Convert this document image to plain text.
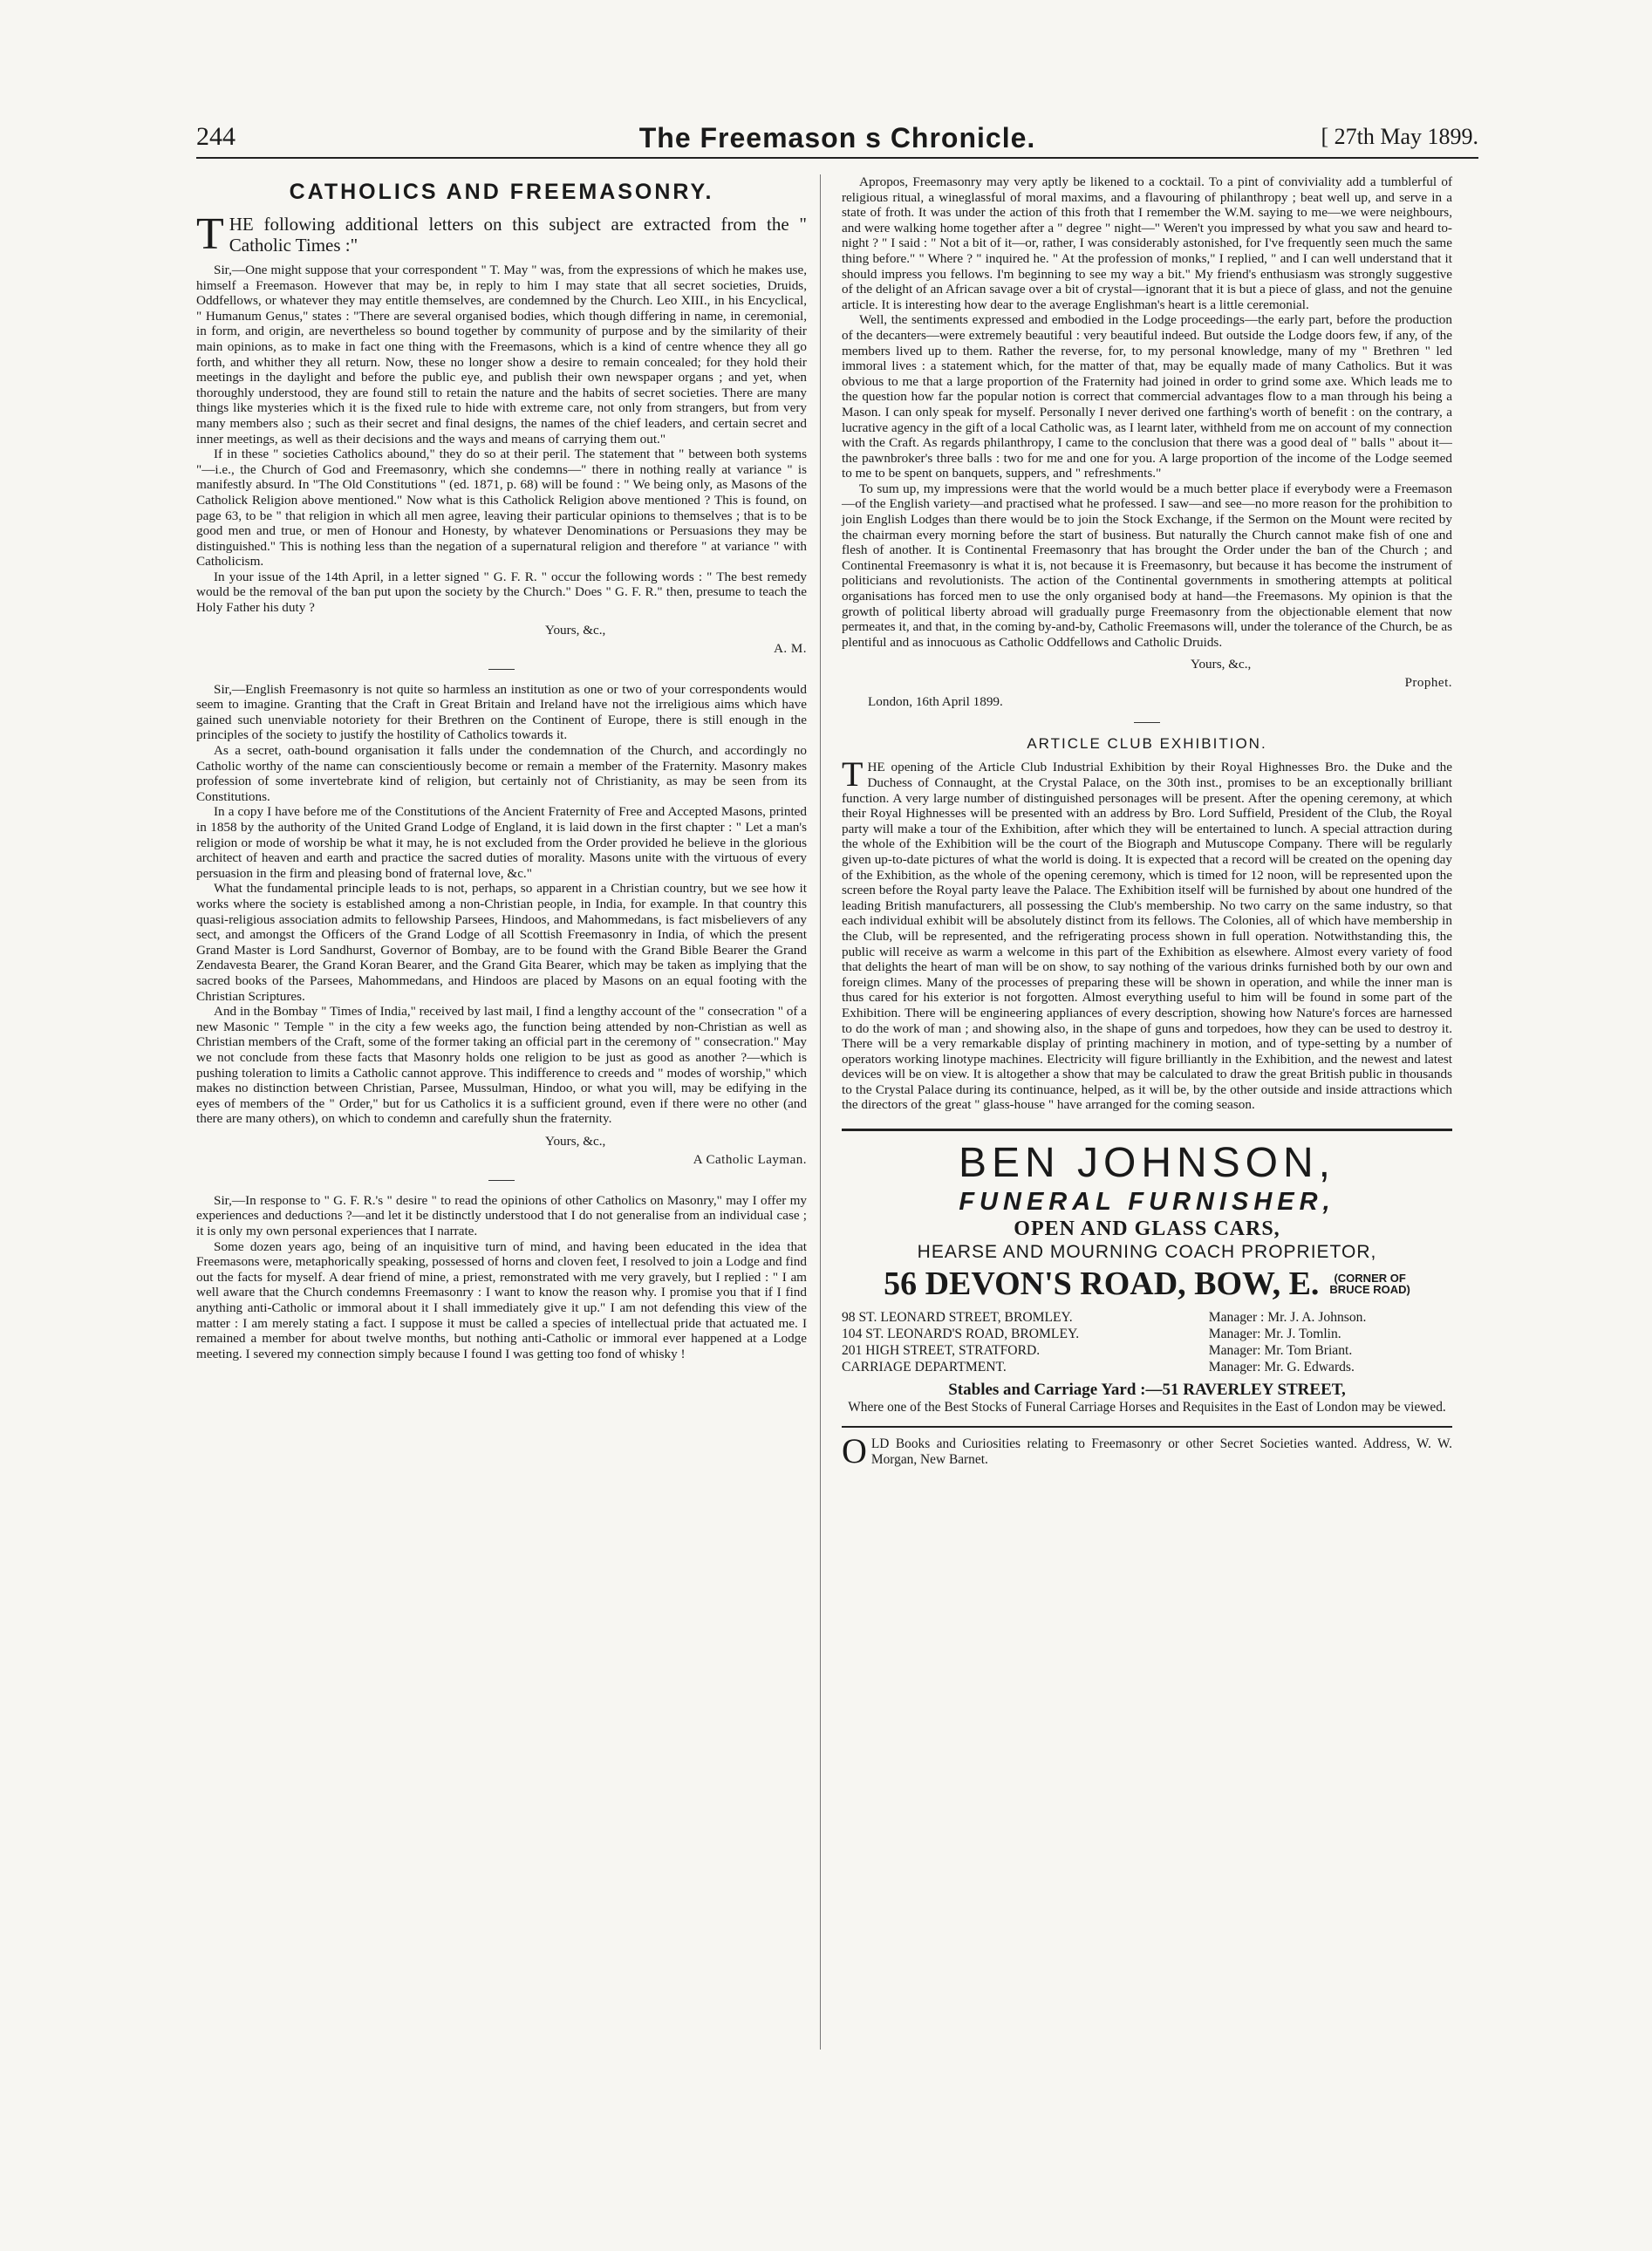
244	The Freemason s Chronicle.	[ 27th May 1899.
CATHOLICS AND FREEMASONRY.

THE following additional letters on this subject are extracted from the " Catholic Times :"

Sir,—One might suppose that your correspondent " T. May " was, from the expressions of which he makes use, himself a Freemason. However that may be, in reply to him I may state that all secret societies, Druids, Oddfellows, or whatever they may entitle themselves, are condemned by the Church. Leo XIII., in his Encyclical, " Humanum Genus," states : "There are several organised bodies, which though differing in name, in ceremonial, in form, and origin, are nevertheless so bound together by community of purpose and by the similarity of their main opinions, as to make in fact one thing with the Freemasons, which is a kind of centre whence they all go forth, and whither they all return. Now, these no longer show a desire to remain concealed; for they hold their meetings in the daylight and before the public eye, and publish their own newspaper organs ; and yet, when thoroughly understood, they are found still to retain the nature and the habits of secret societies. There are many things like mysteries which it is the fixed rule to hide with extreme care, not only from strangers, but from very many members also ; such as their secret and final designs, the names of the chief leaders, and certain secret and inner meetings, as well as their decisions and the ways and means of carrying them out."

If in these " societies Catholics abound," they do so at their peril. The statement that " between both systems "—i.e., the Church of God and Freemasonry, which she condemns—" there in nothing really at variance " is manifestly absurd. In "The Old Constitutions " (ed. 1871, p. 68) will be found : " We being only, as Masons of the Catholick Religion above mentioned." Now what is this Catholick Religion above mentioned ? This is found, on page 63, to be " that religion in which all men agree, leaving their particular opinions to themselves ; that is to be good men and true, or men of Honour and Honesty, by whatever Denominations or Persuasions they may be distinguished." This is nothing less than the negation of a supernatural religion and therefore " at variance " with Catholicism.

In your issue of the 14th April, in a letter signed " G. F. R. " occur the following words : " The best remedy would be the removal of the ban put upon the society by the Church." Does " G. F. R." then, presume to teach the Holy Father his duty ?

Yours, &c.,
A. M.

Sir,—English Freemasonry is not quite so harmless an institution as one or two of your correspondents would seem to imagine. Granting that the Craft in Great Britain and Ireland have not the irreligious aims which have gained such unenviable notoriety for their Brethren on the Continent of Europe, there is still enough in the principles of the society to justify the hostility of Catholics towards it.

As a secret, oath-bound organisation it falls under the condemnation of the Church, and accordingly no Catholic worthy of the name can conscientiously become or remain a member of the Fraternity. Masonry makes profession of some invertebrate kind of religion, but certainly not of Christianity, as may be seen from its Constitutions.

In a copy I have before me of the Constitutions of the Ancient Fraternity of Free and Accepted Masons, printed in 1858 by the authority of the United Grand Lodge of England, it is laid down in the first chapter : " Let a man's religion or mode of worship be what it may, he is not excluded from the Order provided he believe in the glorious architect of heaven and earth and practice the sacred duties of morality. Masons unite with the virtuous of every persuasion in the firm and pleasing bond of fraternal love, &c."

What the fundamental principle leads to is not, perhaps, so apparent in a Christian country, but we see how it works where the society is established among a non-Christian people, in India, for example. In that country this quasi-religious association admits to fellowship Parsees, Hindoos, and Mahommedans, is fact misbelievers of any sect, and amongst the Officers of the Grand Lodge of all Scottish Freemasonry in India, of which the present Grand Master is Lord Sandhurst, Governor of Bombay, are to be found with the Grand Bible Bearer the Grand Zendavesta Bearer, the Grand Koran Bearer, and the Grand Gita Bearer, which may be taken as implying that the sacred books of the Parsees, Mahommedans, and Hindoos are placed by Masons on an equal footing with the Christian Scriptures.

And in the Bombay " Times of India," received by last mail, I find a lengthy account of the " consecration " of a new Masonic " Temple " in the city a few weeks ago, the function being attended by non-Christian as well as Christian members of the Craft, some of the former taking an official part in the ceremony of " consecration." May we not conclude from these facts that Masonry holds one religion to be just as good as another ?—which is pushing toleration to limits a Catholic cannot approve. This indifference to creeds and " modes of worship," which makes no distinction between Christian, Parsee, Mussulman, Hindoo, or what you will, may be edifying in the eyes of members of the " Order," but for us Catholics it is a sufficient ground, even if there were no other (and there are many others), on which to condemn and carefully shun the fraternity.

Yours, &c.,
A Catholic Layman.

Sir,—In response to " G. F. R.'s " desire " to read the opinions of other Catholics on Masonry," may I offer my experiences and deductions ?—and let it be distinctly understood that I do not generalise from an individual case ; it is only my own personal experiences that I narrate.

Some dozen years ago, being of an inquisitive turn of mind, and having been educated in the idea that Freemasons were, metaphorically speaking, possessed of horns and cloven feet, I resolved to join a Lodge and find out the facts for myself. A dear friend of mine, a priest, remonstrated with me very gravely, but I replied : " I am well aware that the Church condemns Freemasonry : I want to know the reason why. I promise you that if I find anything anti-Catholic or immoral about it I shall immediately give it up." I am not defending this view of the matter : I am merely stating a fact. I suppose it must be called a species of intellectual pride that actuated me. I remained a member for about twelve months, but nothing anti-Catholic or immoral ever happened at a Lodge meeting. I severed my connection simply because I found I was getting too fond of whisky !

Apropos, Freemasonry may very aptly be likened to a cocktail. To a pint of conviviality add a tumblerful of religious ritual, a wineglassful of moral maxims, and a flavouring of philanthropy ; beat well up, and serve in a state of froth. It was under the action of this froth that I remember the W.M. saying to me—we were neighbours, and were walking home together after a " degree " night—" Weren't you impressed by what you saw and heard to-night ? " I said : " Not a bit of it—or, rather, I was considerably astonished, for I've frequently seen much the same thing before." " Where ? " inquired he. " At the profession of monks," I replied, " and I can well understand that it should impress you fellows. I'm beginning to see my way a bit." My friend's enthusiasm was strongly suggestive of the delight of an African savage over a bit of crystal—ignorant that it is but a piece of glass, and not the genuine article. It is interesting how dear to the average Englishman's heart is a little ceremonial.

Well, the sentiments expressed and embodied in the Lodge proceedings—the early part, before the production of the decanters—were extremely beautiful : very beautiful indeed. But outside the Lodge doors few, if any, of the members lived up to them. Rather the reverse, for, to my personal knowledge, many of my " Brethren " led immoral lives : a statement which, for the matter of that, may be equally made of many Catholics. But it was obvious to me that a large proportion of the Fraternity had joined in order to grind some axe. Which leads me to the question how far the popular notion is correct that commercial advantages flow to a man through his being a Mason. I can only speak for myself. Personally I never derived one farthing's worth of benefit : on the contrary, a lucrative agency in the gift of a local Catholic was, as I learnt later, withheld from me on account of my connection with the Craft. As regards philanthropy, I came to the conclusion that there was a good deal of " balls " about it—the pawnbroker's three balls : two for me and one for you. A large proportion of the income of the Lodge seemed to me to be spent on banquets, suppers, and " refreshments."

To sum up, my impressions were that the world would be a much better place if everybody were a Freemason—of the English variety—and practised what he professed. I saw—and see—no more reason for the prohibition to join English Lodges than there would be to join the Stock Exchange, if the Sermon on the Mount were recited by the chairman every morning before the start of business. But naturally the Church cannot make fish of one and flesh of another. It is Continental Freemasonry that has brought the Order under the ban of the Church ; and Continental Freemasonry is what it is, not because it is Freemasonry, but because it has become the instrument of politicians and revolutionists. The action of the Continental governments in smothering attempts at political organisations has forced men to use the only organised body at hand—the Freemasons. My opinion is that the growth of political liberty abroad will gradually purge Freemasonry from the objectionable element that now permeates it, and that, in the coming by-and-by, Catholic Freemasons will, under the tolerance of the Church, be as plentiful and as innocuous as Catholic Oddfellows and Catholic Druids.

Yours, &c.,
Prophet.
London, 16th April 1899.
ARTICLE CLUB EXHIBITION.

THE opening of the Article Club Industrial Exhibition by their Royal Highnesses Bro. the Duke and the Duchess of Connaught, at the Crystal Palace, on the 30th inst., promises to be an exceptionally brilliant function. A very large number of distinguished personages will be present. After the opening ceremony, at which their Royal Highnesses will be presented with an address by Bro. Lord Suffield, President of the Club, the Royal party will make a tour of the Exhibition, after which they will be entertained to lunch. A special attraction during the whole of the Exhibition will be the court of the Biograph and Mutuscope Company. There will be regularly given up-to-date pictures of what the world is doing. It is expected that a record will be created on the opening day of the Exhibition, as the whole of the opening ceremony, which is timed for 12 noon, will be represented upon the screen before the Royal party leave the Palace. The Exhibition itself will be furnished by about one hundred of the leading British manufacturers, all possessing the Club's membership. No two carry on the same industry, so that each individual exhibit will be absolutely distinct from its fellows. The Colonies, all of which have membership in the Club, will be represented, and the refrigerating process shown in full operation. Notwithstanding this, the public will receive as warm a welcome in this part of the Exhibition as elsewhere. Almost every variety of food that delights the heart of man will be on show, to say nothing of the various drinks furnished both by our own and foreign climes. Many of the processes of preparing these will be shown in operation, and while the inner man is thus cared for his exterior is not forgotten. Almost everything useful to him will be found in some part of the Exhibition. There will be engineering appliances of every description, showing how Nature's forces are harnessed to do the work of man ; and showing also, in the shape of guns and torpedoes, how they can be used to destroy it. There will be a very remarkable display of printing machinery in motion, and of type-setting by a number of operators working linotype machines. Electricity will figure brilliantly in the Exhibition, and the newest and latest devices will be on view. It is altogether a show that may be calculated to draw the great British public in thousands to the Crystal Palace during its continuance, helped, as it will be, by the other outside and inside attractions which the directors of the great " glass-house " have arranged for the coming season.

BEN JOHNSON,
FUNERAL FURNISHER,
OPEN AND GLASS CARS,
HEARSE AND MOURNING COACH PROPRIETOR,
56 DEVON'S ROAD, BOW, E.	(CORNER OF
BRUCE ROAD)
98 ST. LEONARD STREET, BROMLEY.	Manager : Mr. J. A. Johnson.
104 ST. LEONARD'S ROAD, BROMLEY.	Manager: Mr. J. Tomlin.
201 HIGH STREET, STRATFORD.	Manager: Mr. Tom Briant.
CARRIAGE DEPARTMENT.	Manager: Mr. G. Edwards.
Stables and Carriage Yard :—51 RAVERLEY STREET,
Where one of the Best Stocks of Funeral Carriage Horses and Requisites in the East of London may be viewed.

OLD Books and Curiosities relating to Freemasonry or other Secret Societies wanted. Address, W. W. Morgan, New Barnet.
